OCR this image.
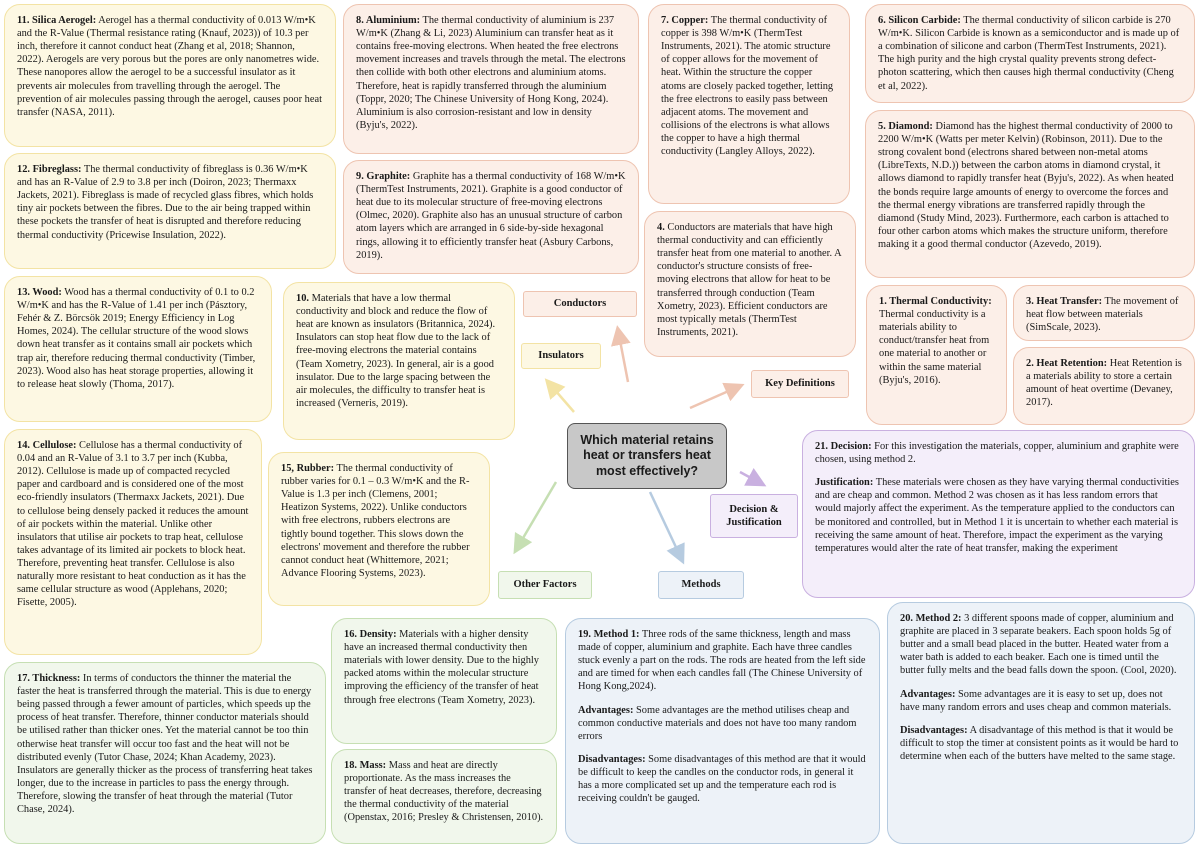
11. Silica Aerogel: Aerogel has a thermal conductivity of 0.013 W/m•K and the R-Value (Thermal resistance rating (Knauf, 2023)) of 10.3 per inch, therefore it cannot conduct heat (Zhang et al, 2018; Shannon, 2022). Aerogels are very porous but the pores are only nanometres wide. These nanopores allow the aerogel to be a successful insulator as it prevents air molecules from travelling through the aerogel. The prevention of air molecules passing through the aerogel, causes poor heat transfer (NASA, 2011).
12. Fibreglass: The thermal conductivity of fibreglass is 0.36 W/m•K and has an R-Value of 2.9 to 3.8 per inch (Doiron, 2023; Thermaxx Jackets, 2021). Fibreglass is made of recycled glass fibres, which holds tiny air pockets between the fibres. Due to the air being trapped within these pockets the transfer of heat is disrupted and therefore reducing thermal conductivity (Pricewise Insulation, 2022).
13. Wood: Wood has a thermal conductivity of 0.1 to 0.2 W/m•K and has the R-Value of 1.41 per inch (Pásztory, Fehér & Z. Börcsök 2019; Energy Efficiency in Log Homes, 2024). The cellular structure of the wood slows down heat transfer as it contains small air pockets which trap air, therefore reducing thermal conductivity (Timber, 2023). Wood also has heat storage properties, allowing it to release heat slowly (Thoma, 2017).
14. Cellulose: Cellulose has a thermal conductivity of 0.04 and an R-Value of 3.1 to 3.7 per inch (Kubba, 2012). Cellulose is made up of compacted recycled paper and cardboard and is considered one of the most eco-friendly insulators (Thermaxx Jackets, 2021). Due to cellulose being densely packed it reduces the amount of air pockets within the material. Unlike other insulators that utilise air pockets to trap heat, cellulose takes advantage of its limited air pockets to block heat. Therefore, preventing heat transfer. Cellulose is also naturally more resistant to heat conduction as it has the same cellular structure as wood (Applehans, 2020; Fisette, 2005).
10. Materials that have a low thermal conductivity and block and reduce the flow of heat are known as insulators (Britannica, 2024). Insulators can stop heat flow due to the lack of free-moving electrons the material contains (Team Xometry, 2023). In general, air is a good insulator. Due to the large spacing between the air molecules, the difficulty to transfer heat is increased (Verneris, 2019).
15, Rubber: The thermal conductivity of rubber varies for 0.1 – 0.3 W/m•K and the R-Value is 1.3 per inch (Clemens, 2001; Heatizon Systems, 2022). Unlike conductors with free electrons, rubbers electrons are tightly bound together. This slows down the electrons' movement and therefore the rubber cannot conduct heat (Whittemore, 2021; Advance Flooring Systems, 2023).
17. Thickness: In terms of conductors the thinner the material the faster the heat is transferred through the material. This is due to energy being passed through a fewer amount of particles, which speeds up the process of heat transfer. Therefore, thinner conductor materials should be utilised rather than thicker ones. Yet the material cannot be too thin otherwise heat transfer will occur too fast and the heat will not be distributed evenly (Tutor Chase, 2024; Khan Academy, 2023). Insulators are generally thicker as the process of transferring heat takes longer, due to the increase in particles to pass the energy through. Therefore, slowing the transfer of heat through the material (Tutor Chase, 2024).
16. Density: Materials with a higher density have an increased thermal conductivity then materials with lower density. Due to the highly packed atoms within the molecular structure improving the efficiency of the transfer of heat through free electrons (Team Xometry, 2023).
18. Mass: Mass and heat are directly proportionate. As the mass increases the transfer of heat decreases, therefore, decreasing the thermal conductivity of the material (Openstax, 2016; Presley & Christensen, 2010).
8. Aluminium: The thermal conductivity of aluminium is 237 W/m•K (Zhang & Li, 2023) Aluminium can transfer heat as it contains free-moving electrons. When heated the free electrons movement increases and travels through the metal. The electrons then collide with both other electrons and aluminium atoms. Therefore, heat is rapidly transferred through the aluminium (Toppr, 2020; The Chinese University of Hong Kong, 2024). Aluminium is also corrosion-resistant and low in density (Byju's, 2022).
9. Graphite: Graphite has a thermal conductivity of 168 W/m•K (ThermTest Instruments, 2021). Graphite is a good conductor of heat due to its molecular structure of free-moving electrons (Olmec, 2020). Graphite also has an unusual structure of carbon atom layers which are arranged in 6 side-by-side hexagonal rings, allowing it to efficiently transfer heat (Asbury Carbons, 2019).
7. Copper: The thermal conductivity of copper is 398 W/m•K (ThermTest Instruments, 2021). The atomic structure of copper allows for the movement of heat. Within the structure the copper atoms are closely packed together, letting the free electrons to easily pass between adjacent atoms. The movement and collisions of the electrons is what allows the copper to have a high thermal conductivity (Langley Alloys, 2022).
4. Conductors are materials that have high thermal conductivity and can efficiently transfer heat from one material to another. A conductor's structure consists of free-moving electrons that allow for heat to be transferred through conduction (Team Xometry, 2023). Efficient conductors are most typically metals (ThermTest Instruments, 2021).
6. Silicon Carbide: The thermal conductivity of silicon carbide is 270 W/m•K. Silicon Carbide is known as a semiconductor and is made up of a combination of silicone and carbon (ThermTest Instruments, 2021). The high purity and the high crystal quality prevents strong defect-photon scattering, which then causes high thermal conductivity (Cheng et al, 2022).
5. Diamond: Diamond has the highest thermal conductivity of 2000 to 2200 W/m•K (Watts per meter Kelvin) (Robinson, 2011). Due to the strong covalent bond (electrons shared between non-metal atoms (LibreTexts, N.D.)) between the carbon atoms in diamond crystal, it allows diamond to rapidly transfer heat (Byju's, 2022). As when heated the bonds require large amounts of energy to overcome the forces and the thermal energy vibrations are transferred rapidly through the diamond (Study Mind, 2023). Furthermore, each carbon is attached to four other carbon atoms which makes the structure uniform, therefore making it a good thermal conductor (Azevedo, 2019).
1. Thermal Conductivity: Thermal conductivity is a materials ability to conduct/transfer heat from one material to another or within the same material (Byju's, 2016).
3. Heat Transfer: The movement of heat flow between materials (SimScale, 2023).
2. Heat Retention: Heat Retention is a materials ability to store a certain amount of heat overtime (Devaney, 2017).

21. Decision: For this investigation the materials, copper, aluminium and graphite were chosen, using method 2.

Justification: These materials were chosen as they have varying thermal conductivities and are cheap and common. Method 2 was chosen as it has less random errors that would majorly affect the experiment. As the temperature applied to the conductors can be monitored and controlled, but in Method 1 it is uncertain to whether each material is receiving the same amount of heat. Therefore, impact the experiment as the varying temperatures would alter the rate of heat transfer, making the experiment

19. Method 1: Three rods of the same thickness, length and mass made of copper, aluminium and graphite. Each have three candles stuck evenly a part on the rods. The rods are heated from the left side and are timed for when each candles fall (The Chinese University of Hong Kong,2024).

Advantages: Some advantages are the method utilises cheap and common conductive materials and does not have too many random errors

Disadvantages: Some disadvantages of this method are that it would be difficult to keep the candles on the conductor rods, in general it has a more complicated set up and the temperature each rod is receiving couldn't be gauged.

20. Method 2: 3 different spoons made of copper, aluminium and graphite are placed in 3 separate beakers. Each spoon holds 5g of butter and a small bead placed in the butter. Heated water from a water bath is added to each beaker. Each one is timed until the butter fully melts and the bead falls down the spoon. (Cool, 2020).

Advantages: Some advantages are it is easy to set up, does not have many random errors and uses cheap and common materials.

Disadvantages: A disadvantage of this method is that it would be difficult to stop the timer at consistent points as it would be hard to determine when each of the butters have melted to the same stage.

Conductors
Insulators
Key Definitions
Decision & Justification
Other Factors	Methods
Which material retains heat or transfers heat most effectively?
